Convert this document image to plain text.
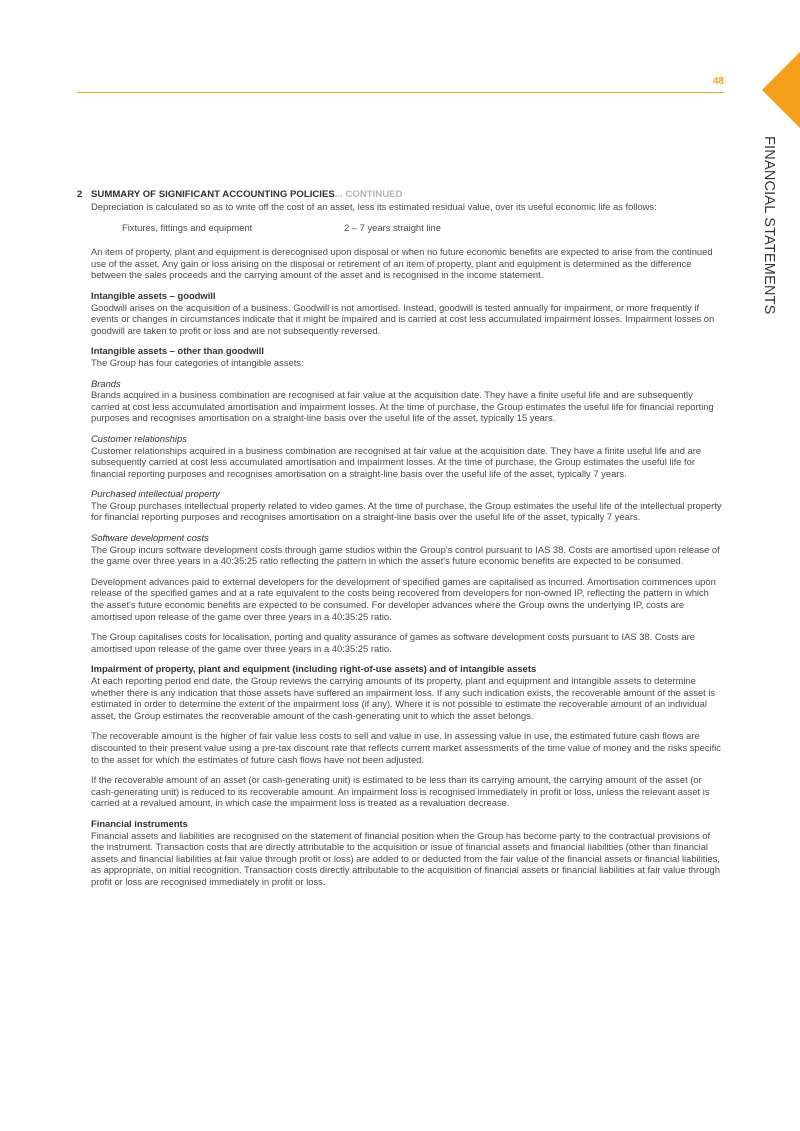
48
FINANCIAL STATEMENTS
2 SUMMARY OF SIGNIFICANT ACCOUNTING POLICIES... CONTINUED

Depreciation is calculated so as to write off the cost of an asset, less its estimated residual value, over its useful economic life as follows:

Fixtures, fittings and equipment	2 – 7 years straight line

An item of property, plant and equipment is derecognised upon disposal or when no future economic benefits are expected to arise from the continued use of the asset. Any gain or loss arising on the disposal or retirement of an item of property, plant and equipment is determined as the difference between the sales proceeds and the carrying amount of the asset and is recognised in the income statement.

Intangible assets – goodwill
Goodwill arises on the acquisition of a business. Goodwill is not amortised. Instead, goodwill is tested annually for impairment, or more frequently if events or changes in circumstances indicate that it might be impaired and is carried at cost less accumulated impairment losses. Impairment losses on goodwill are taken to profit or loss and are not subsequently reversed.
Intangible assets – other than goodwill
The Group has four categories of intangible assets:
Brands
Brands acquired in a business combination are recognised at fair value at the acquisition date. They have a finite useful life and are subsequently carried at cost less accumulated amortisation and impairment losses. At the time of purchase, the Group estimates the useful life for financial reporting purposes and recognises amortisation on a straight-line basis over the useful life of the asset, typically 15 years.
Customer relationships
Customer relationships acquired in a business combination are recognised at fair value at the acquisition date. They have a finite useful life and are subsequently carried at cost less accumulated amortisation and impairment losses. At the time of purchase, the Group estimates the useful life for financial reporting purposes and recognises amortisation on a straight-line basis over the useful life of the asset, typically 7 years.
Purchased intellectual property
The Group purchases intellectual property related to video games. At the time of purchase, the Group estimates the useful life of the intellectual property for financial reporting purposes and recognises amortisation on a straight-line basis over the useful life of the asset, typically 7 years.
Software development costs
The Group incurs software development costs through game studios within the Group's control pursuant to IAS 38. Costs are amortised upon release of the game over three years in a 40:35:25 ratio reflecting the pattern in which the asset's future economic benefits are expected to be consumed.

Development advances paid to external developers for the development of specified games are capitalised as incurred. Amortisation commences upon release of the specified games and at a rate equivalent to the costs being recovered from developers for non-owned IP, reflecting the pattern in which the asset's future economic benefits are expected to be consumed. For developer advances where the Group owns the underlying IP, costs are amortised upon release of the game over three years in a 40:35:25 ratio.

The Group capitalises costs for localisation, porting and quality assurance of games as software development costs pursuant to IAS 38. Costs are amortised upon release of the game over three years in a 40:35:25 ratio.

Impairment of property, plant and equipment (including right-of-use assets) and of intangible assets
At each reporting period end date, the Group reviews the carrying amounts of its property, plant and equipment and intangible assets to determine whether there is any indication that those assets have suffered an impairment loss. If any such indication exists, the recoverable amount of the asset is estimated in order to determine the extent of the impairment loss (if any). Where it is not possible to estimate the recoverable amount of an individual asset, the Group estimates the recoverable amount of the cash-generating unit to which the asset belongs.

The recoverable amount is the higher of fair value less costs to sell and value in use. In assessing value in use, the estimated future cash flows are discounted to their present value using a pre-tax discount rate that reflects current market assessments of the time value of money and the risks specific to the asset for which the estimates of future cash flows have not been adjusted.

If the recoverable amount of an asset (or cash-generating unit) is estimated to be less than its carrying amount, the carrying amount of the asset (or cash-generating unit) is reduced to its recoverable amount. An impairment loss is recognised immediately in profit or loss, unless the relevant asset is carried at a revalued amount, in which case the impairment loss is treated as a revaluation decrease.

Financial instruments
Financial assets and liabilities are recognised on the statement of financial position when the Group has become party to the contractual provisions of the instrument. Transaction costs that are directly attributable to the acquisition or issue of financial assets and financial liabilities (other than financial assets and financial liabilities at fair value through profit or loss) are added to or deducted from the fair value of the financial assets or financial liabilities, as appropriate, on initial recognition. Transaction costs directly attributable to the acquisition of financial assets or financial liabilities at fair value through profit or loss are recognised immediately in profit or loss.
